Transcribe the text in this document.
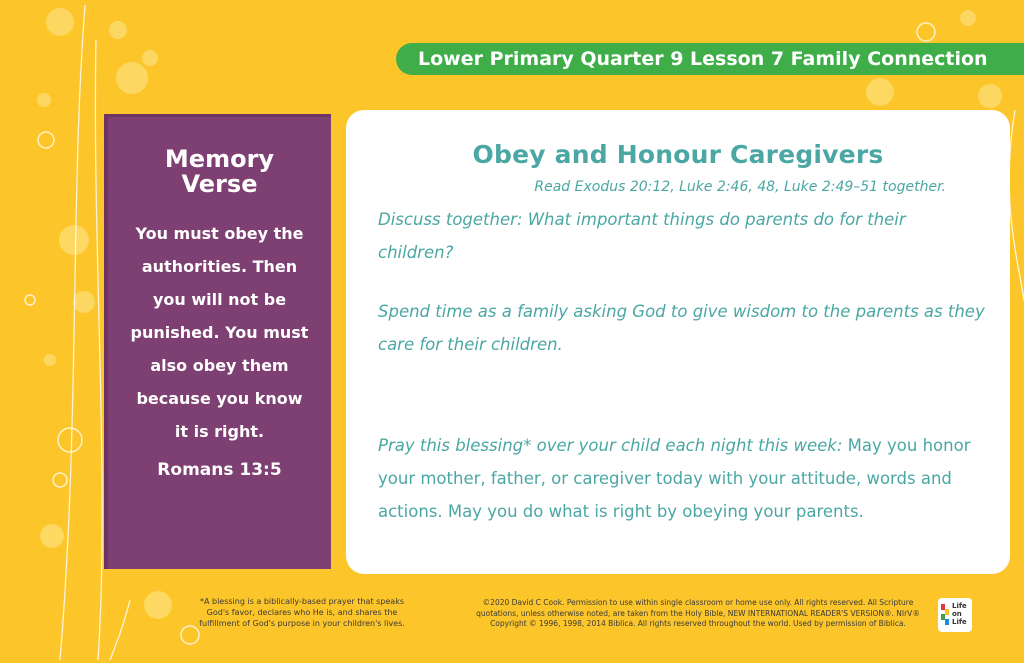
Lower Primary Quarter 9 Lesson 7 Family Connection
Memory
Verse
You must obey the authorities. Then you will not be punished. You must also obey them because you know it is right.
Romans 13:5
Obey and Honour Caregivers
Read Exodus 20:12, Luke 2:46, 48, Luke 2:49–51 together.
Discuss together: What important things do parents do for their children?
Spend time as a family asking God to give wisdom to the parents as they care for their children.
Pray this blessing* over your child each night this week: May you honor your mother, father, or caregiver today with your attitude, words and actions. May you do what is right by obeying your parents.
*A blessing is a biblically-based prayer that speaks God's favor, declares who He is, and shares the fulfillment of God's purpose in your children's lives.
©2020 David C Cook. Permission to use within single classroom or home use only. All rights reserved. All Scripture quotations, unless otherwise noted, are taken from the Holy Bible, NEW INTERNATIONAL READER'S VERSION®. NIrV® Copyright © 1996, 1998, 2014 Biblica. All rights reserved throughout the world. Used by permission of Biblica.
Life
on
Life
